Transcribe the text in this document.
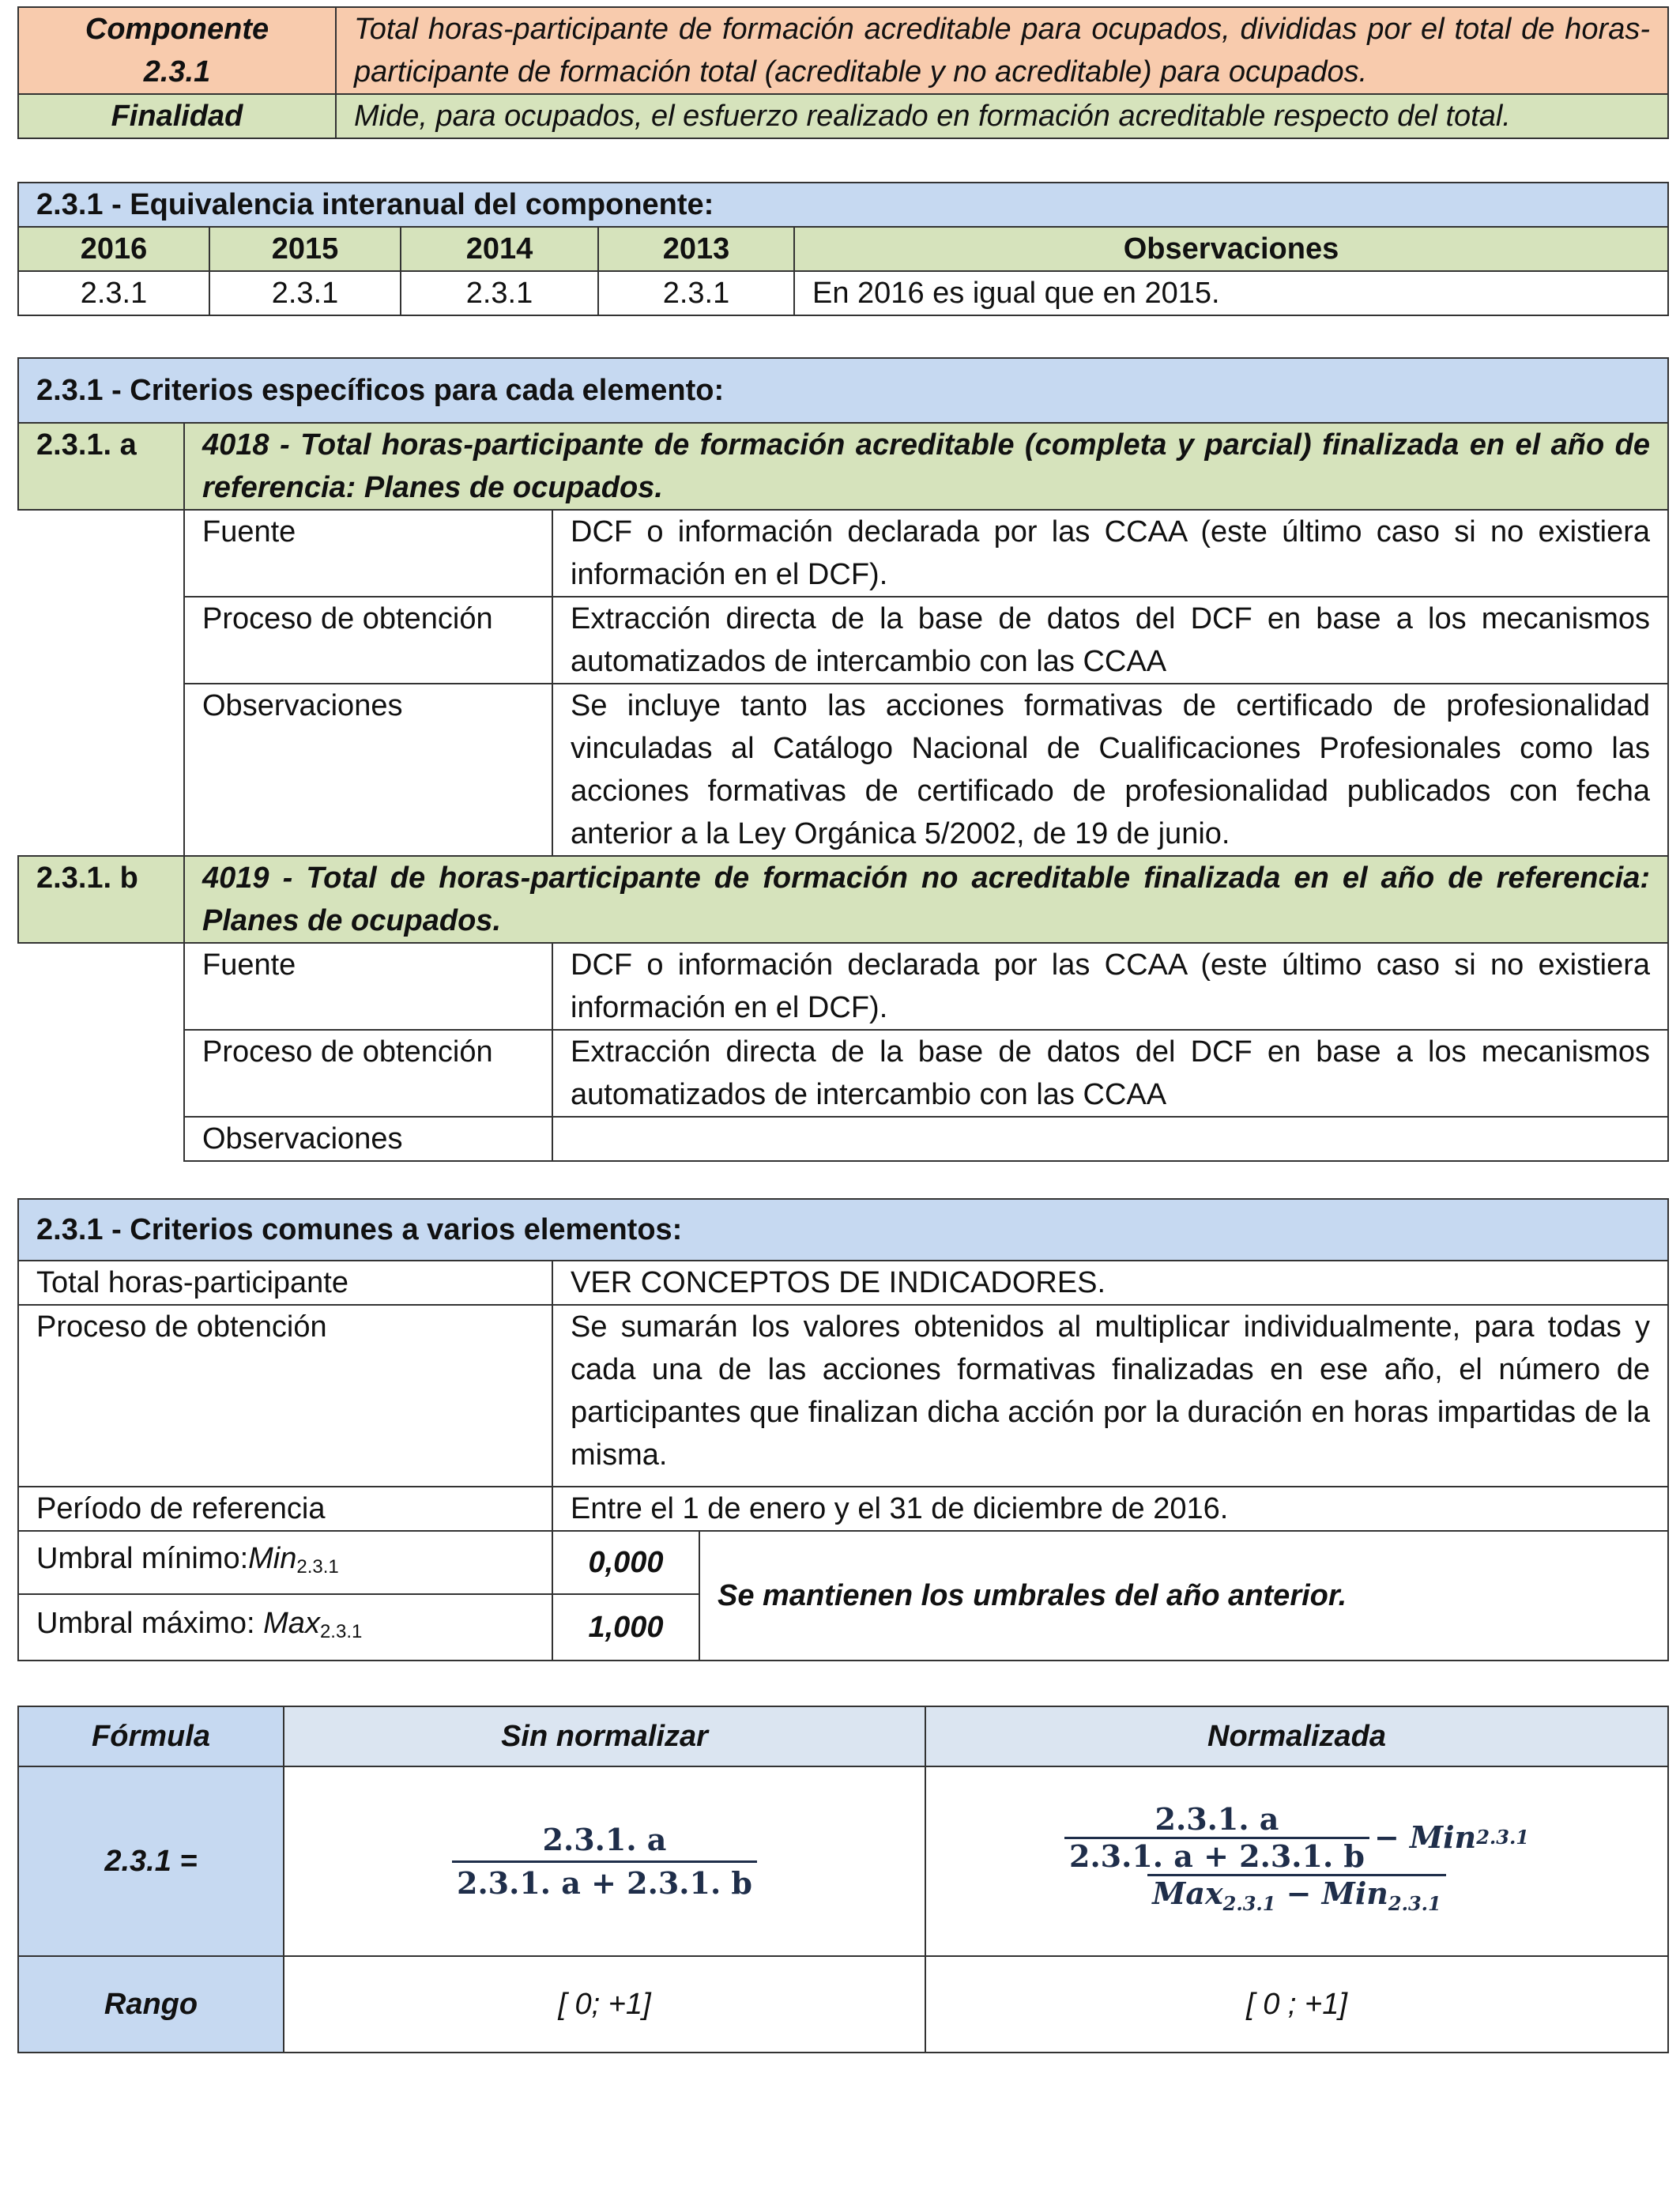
Componente 2.3.1	Total horas-participante de formación acreditable para ocupados, divididas por el total de horas-participante de formación total (acreditable y no acreditable) para ocupados.
Finalidad	Mide, para ocupados, el esfuerzo realizado en formación acreditable respecto del total.
2.3.1 - Equivalencia interanual del componente:				
2016	2015	2014	2013	Observaciones
2.3.1	2.3.1	2.3.1	2.3.1	En 2016 es igual que en 2015.
2.3.1 - Criterios específicos para cada elemento:		
2.3.1. a	4018 - Total horas-participante de formación acreditable (completa y parcial) finalizada en el año de referencia: Planes de ocupados.	
	Fuente	DCF o información declarada por las CCAA (este último caso si no existiera información en el DCF).
	Proceso de obtención	Extracción directa de la base de datos del DCF en base a los mecanismos automatizados de intercambio con las CCAA
	Observaciones	Se incluye tanto las acciones formativas de certificado de profesionalidad vinculadas al Catálogo Nacional de Cualificaciones Profesionales como las acciones formativas de certificado de profesionalidad publicados con fecha anterior a la Ley Orgánica 5/2002, de 19 de junio.
2.3.1. b	4019 - Total de horas-participante de formación no acreditable finalizada en el año de referencia: Planes de ocupados.	
	Fuente	DCF o información declarada por las CCAA (este último caso si no existiera información en el DCF).
	Proceso de obtención	Extracción directa de la base de datos del DCF en base a los mecanismos automatizados de intercambio con las CCAA
	Observaciones	
2.3.1 - Criterios comunes a varios elementos:		
Total horas-participante	VER CONCEPTOS DE INDICADORES.	
Proceso de obtención	Se sumarán los valores obtenidos al multiplicar individualmente, para todas y cada una de las acciones formativas finalizadas en ese año, el número de participantes que finalizan dicha acción por la duración en horas impartidas de la misma.	
Período de referencia	Entre el 1 de enero y el 31 de diciembre de 2016.	
Umbral mínimo:Min$_{2.3.1}$	0,000	Se mantienen los umbrales del año anterior.
Umbral máximo: Max$_{2.3.1}$	1,000	
Fórmula	Sin normalizar	Normalizada
2.3.1 =	$\frac{2.3.1. a}{2.3.1. a + 2.3.1. b}$	$\frac{2.3.1. a}{2.3.1. a + 2.3.1. b}$ − Min 2.3.1
Max$_{2.3.1}$ − Min$_{2.3.1}$

Rango	[ 0; +1]	[ 0 ; +1]
